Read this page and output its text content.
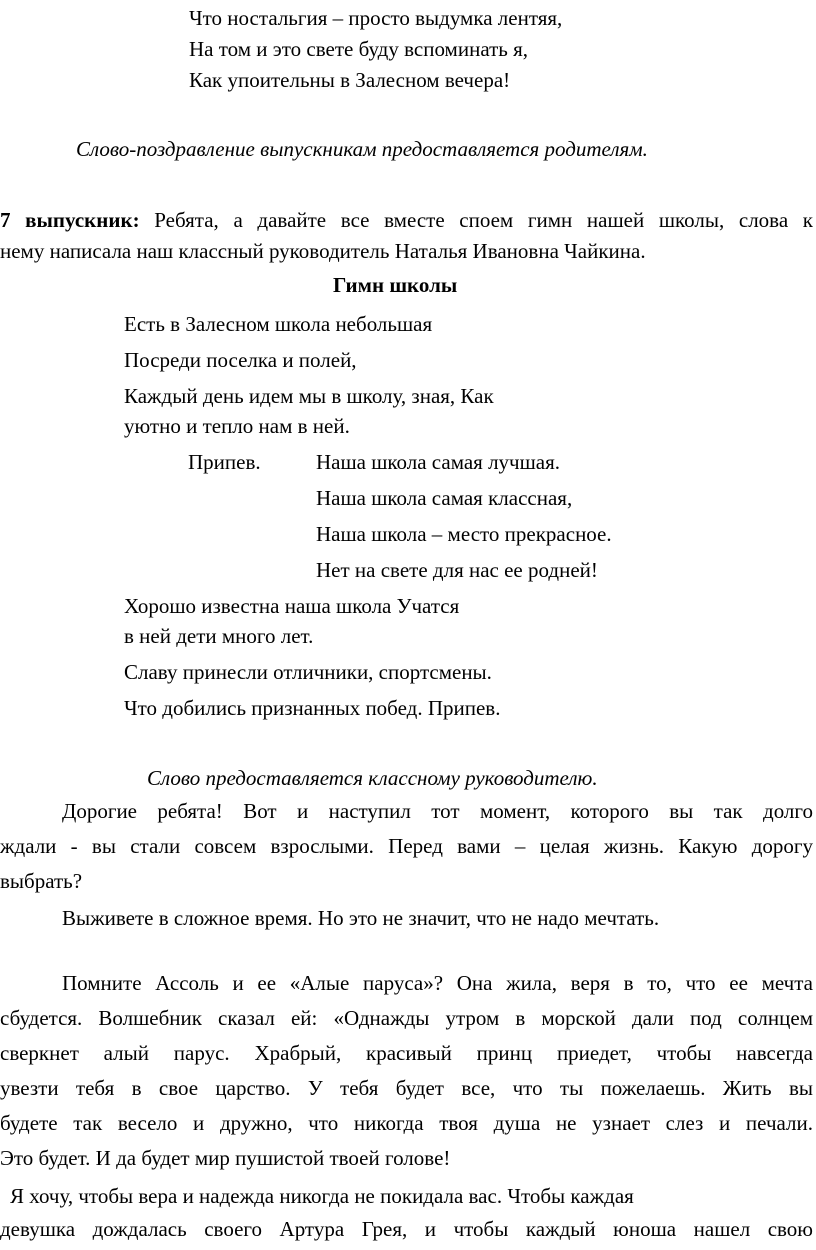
Что ностальгия – просто выдумка лентяя,
На том и это свете буду вспоминать я,
Как упоительны в Залесном вечера!
Слово-поздравление выпускникам предоставляется родителям.
7 выпускник: Ребята, а давайте все вместе споем гимн нашей школы, слова к
нему написала наш классный руководитель Наталья Ивановна Чайкина.
Гимн школы
Есть в Залесном школа небольшая
Посреди поселка и полей,
Каждый день идем мы в школу, зная, Как
уютно и тепло нам в ней.
Припев.	Наша школа самая лучшая.
Наша школа самая классная,
Наша школа – место прекрасное.
Нет на свете для нас ее родней!
Хорошо известна наша школа Учатся
в ней дети много лет.
Славу принесли отличники, спортсмены.
Что добились признанных побед. Припев.
Слово предоставляется классному руководителю.
Дорогие ребята! Вот и наступил тот момент, которого вы так долго
ждали - вы стали совсем взрослыми. Перед вами – целая жизнь. Какую дорогу
выбрать?
Выживете в сложное время. Но это не значит, что не надо мечтать.
Помните Ассоль и ее «Алые паруса»? Она жила, веря в то, что ее мечта
сбудется. Волшебник сказал ей: «Однажды утром в морской дали под солнцем
сверкнет алый парус. Храбрый, красивый принц приедет, чтобы навсегда
увезти тебя в свое царство. У тебя будет все, что ты пожелаешь. Жить вы
будете так весело и дружно, что никогда твоя душа не узнает слез и печали.
Это будет. И да будет мир пушистой твоей голове!
Я хочу, чтобы вера и надежда никогда не покидала вас. Чтобы каждая
девушка дождалась своего Артура Грея, и чтобы каждый юноша нашел свою
